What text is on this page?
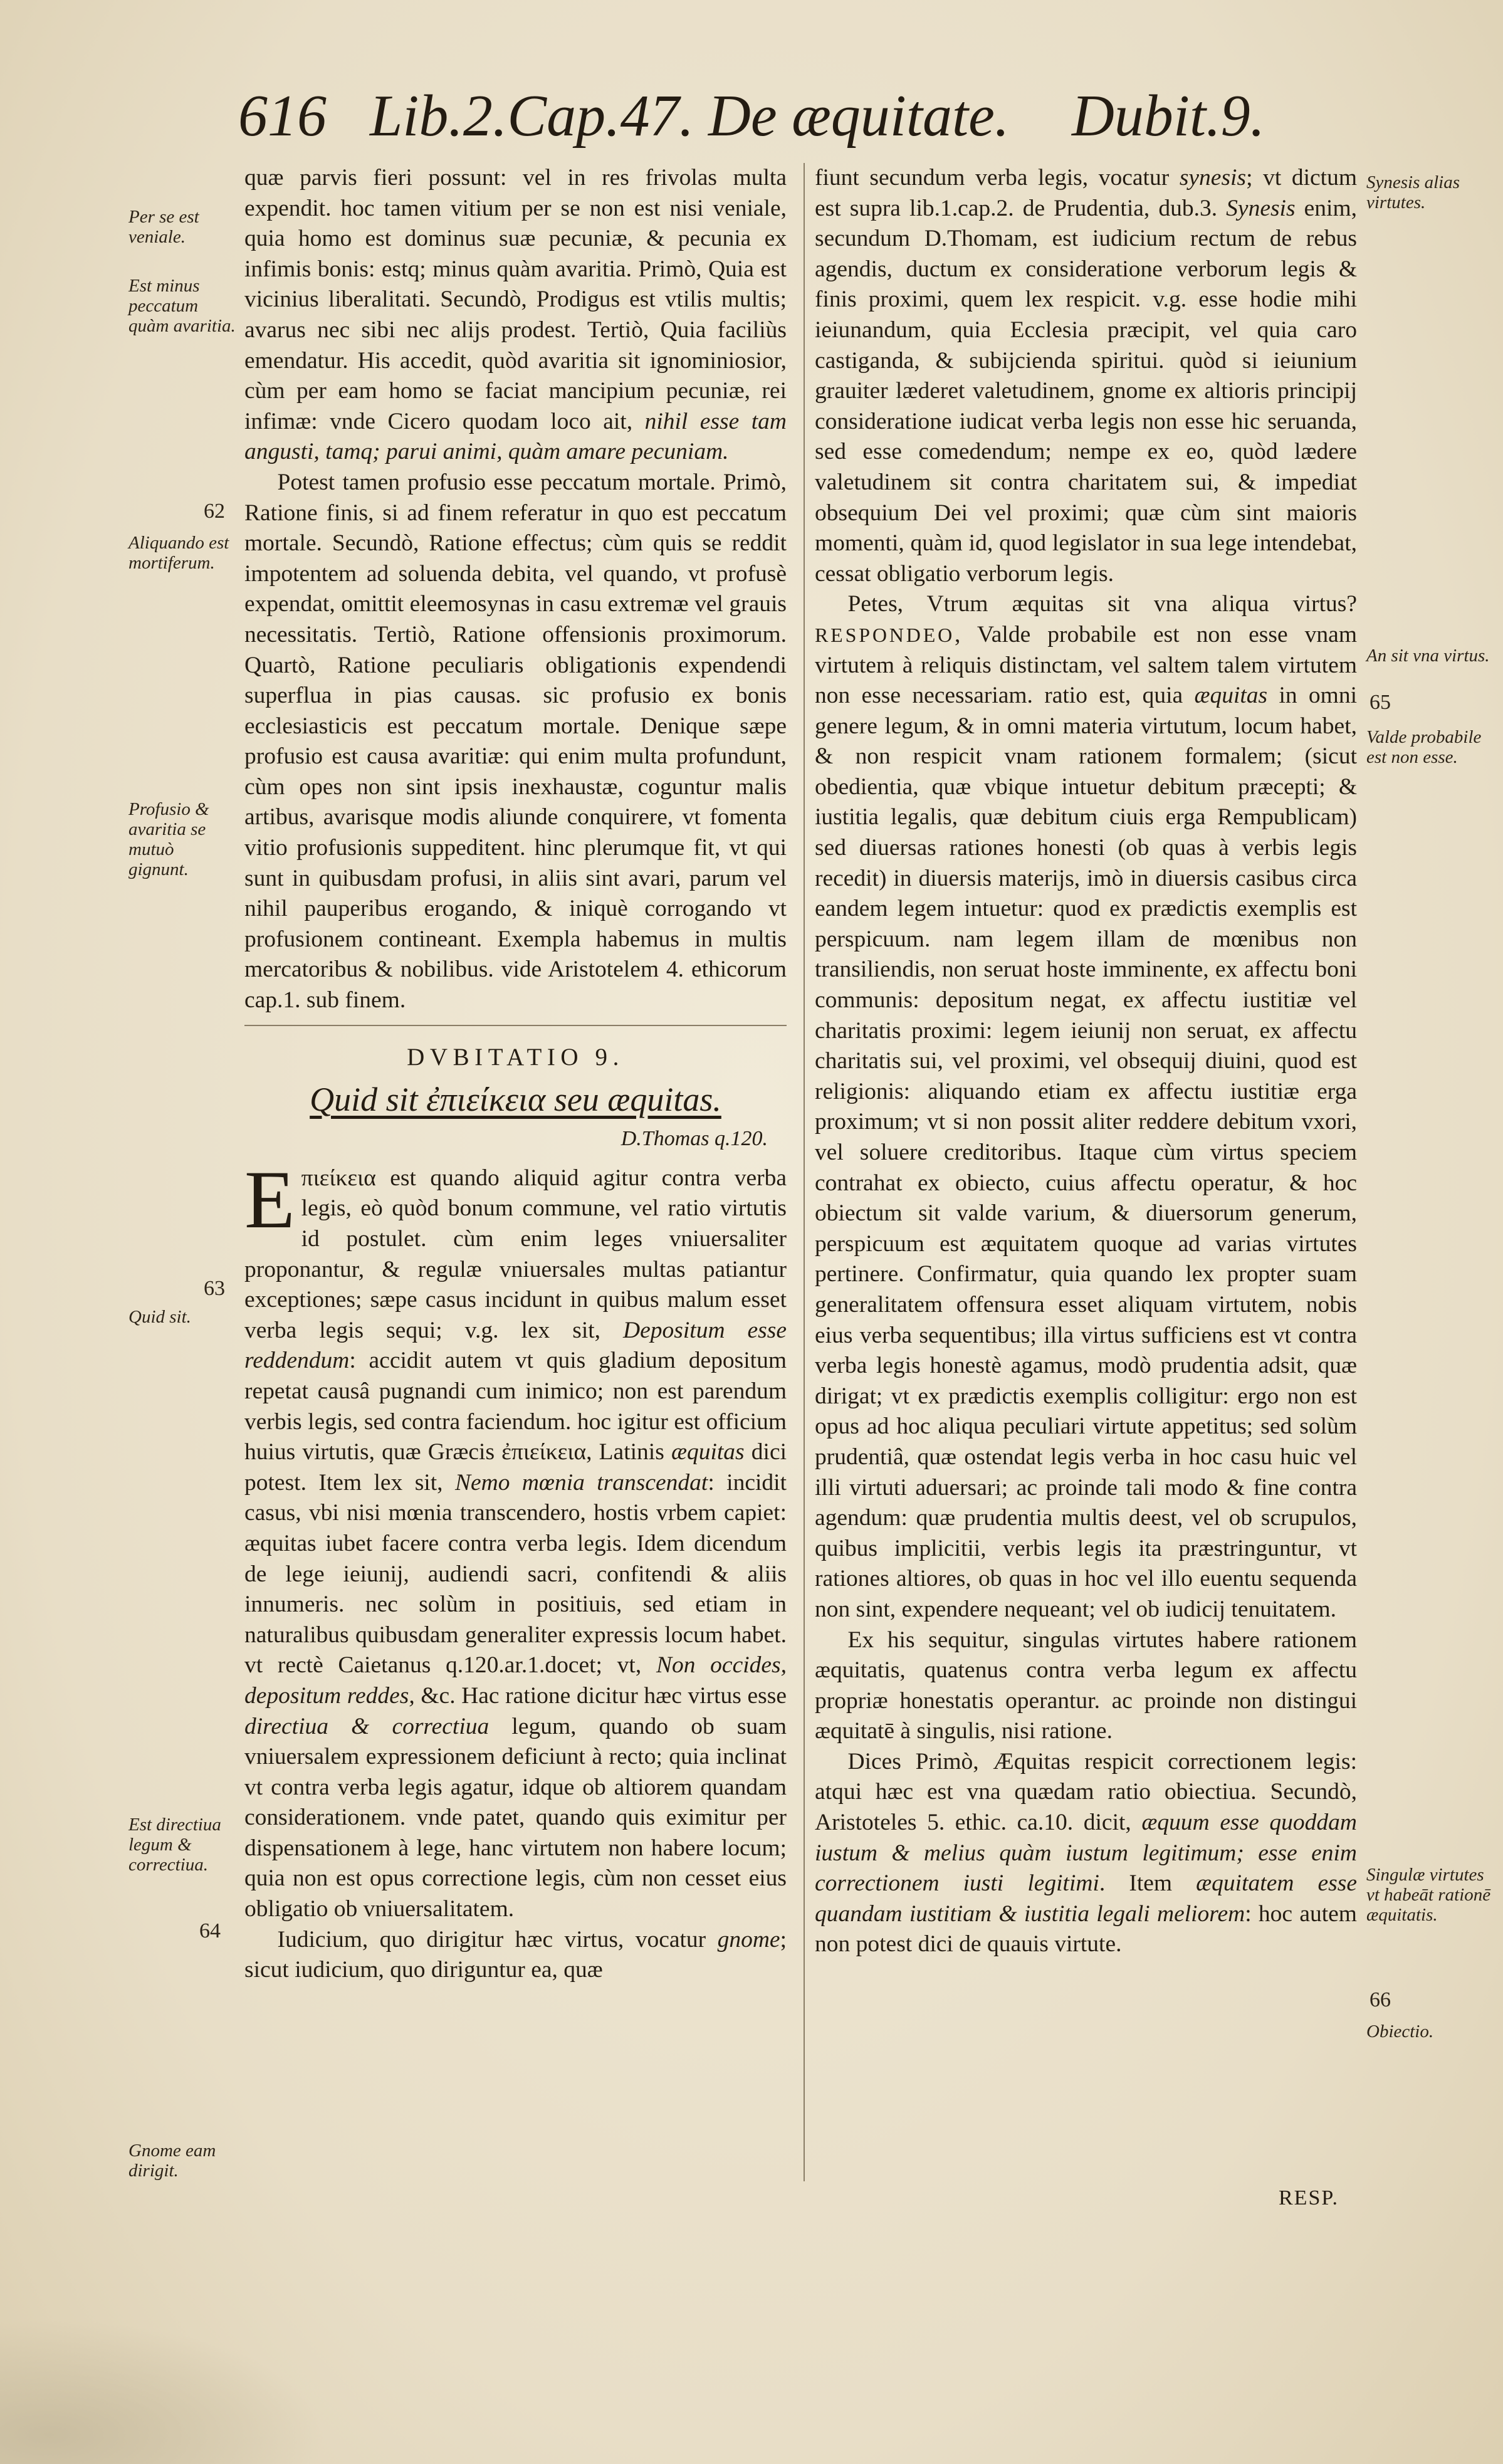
616 Lib.2.Cap.47. De æquitate. Dubit.9.

quæ parvis fieri possunt: vel in res frivolas multa expendit. hoc tamen vitium per se non est nisi veniale, quia homo est dominus suæ pecuniæ, & pecunia ex infimis bonis: estq; minus quàm avaritia. Primò, Quia est vicinius liberalitati. Secundò, Prodigus est vtilis multis; avarus nec sibi nec alijs prodest. Tertiò, Quia faciliùs emendatur. His accedit, quòd avaritia sit ignominiosior, cùm per eam homo se faciat mancipium pecuniæ, rei infimæ: vnde Cicero quodam loco ait, nihil esse tam angusti, tamq; parui animi, quàm amare pecuniam.

Potest tamen profusio esse peccatum mortale. Primò, Ratione finis, si ad finem referatur in quo est peccatum mortale. Secundò, Ratione effectus; cùm quis se reddit impotentem ad soluenda debita, vel quando, vt profusè expendat, omittit eleemosynas in casu extremæ vel grauis necessitatis. Tertiò, Ratione offensionis proximorum. Quartò, Ratione peculiaris obligationis expendendi superflua in pias causas. sic profusio ex bonis ecclesiasticis est peccatum mortale. Denique sæpe profusio est causa avaritiæ: qui enim multa profundunt, cùm opes non sint ipsis inexhaustæ, coguntur malis artibus, avarisque modis aliunde conquirere, vt fomenta vitio profusionis suppeditent. hinc plerumque fit, vt qui sunt in quibusdam profusi, in aliis sint avari, parum vel nihil pauperibus erogando, & iniquè corrogando vt profusionem contineant. Exempla habemus in multis mercatoribus & nobilibus. vide Aristotelem 4. ethicorum cap.1. sub finem.

DVBITATIO 9.
Quid sit ἐπιείκεια seu æquitas.
D.Thomas q.120.

E πιείκεια est quando aliquid agitur contra verba legis, eò quòd bonum commune, vel ratio virtutis id postulet. cùm enim leges vniuersaliter proponantur, & regulæ vniuersales multas patiantur exceptiones; sæpe casus incidunt in quibus malum esset verba legis sequi; v.g. lex sit, Depositum esse reddendum: accidit autem vt quis gladium depositum repetat causâ pugnandi cum inimico; non est parendum verbis legis, sed contra faciendum. hoc igitur est officium huius virtutis, quæ Græcis ἐπιείκεια, Latinis æquitas dici potest. Item lex sit, Nemo mœnia transcendat: incidit casus, vbi nisi mœnia transcendero, hostis vrbem capiet: æquitas iubet facere contra verba legis. Idem dicendum de lege ieiunij, audiendi sacri, confitendi & aliis innumeris. nec solùm in positiuis, sed etiam in naturalibus quibusdam generaliter expressis locum habet. vt rectè Caietanus q.120.ar.1.docet; vt, Non occides, depositum reddes, &c. Hac ratione dicitur hæc virtus esse directiua & correctiua legum, quando ob suam vniuersalem expressionem deficiunt à recto; quia inclinat vt contra verba legis agatur, idque ob altiorem quandam considerationem. vnde patet, quando quis eximitur per dispensationem à lege, hanc virtutem non habere locum; quia non est opus correctione legis, cùm non cesset eius obligatio ob vniuersalitatem.

Iudicium, quo dirigitur hæc virtus, vocatur gnome; sicut iudicium, quo diriguntur ea, quæ

fiunt secundum verba legis, vocatur synesis; vt dictum est supra lib.1.cap.2. de Prudentia, dub.3. Synesis enim, secundum D.Thomam, est iudicium rectum de rebus agendis, ductum ex consideratione verborum legis & finis proximi, quem lex respicit. v.g. esse hodie mihi ieiunandum, quia Ecclesia præcipit, vel quia caro castiganda, & subijcienda spiritui. quòd si ieiunium grauiter læderet valetudinem, gnome ex altioris principij consideratione iudicat verba legis non esse hic seruanda, sed esse comedendum; nempe ex eo, quòd lædere valetudinem sit contra charitatem sui, & impediat obsequium Dei vel proximi; quæ cùm sint maioris momenti, quàm id, quod legislator in sua lege intendebat, cessat obligatio verborum legis.

Petes, Vtrum æquitas sit vna aliqua virtus? RESPONDEO, Valde probabile est non esse vnam virtutem à reliquis distinctam, vel saltem talem virtutem non esse necessariam. ratio est, quia æquitas in omni genere legum, & in omni materia virtutum, locum habet, & non respicit vnam rationem formalem; (sicut obedientia, quæ vbique intuetur debitum præcepti; & iustitia legalis, quæ debitum ciuis erga Rempublicam) sed diuersas rationes honesti (ob quas à verbis legis recedit) in diuersis materijs, imò in diuersis casibus circa eandem legem intuetur: quod ex prædictis exemplis est perspicuum. nam legem illam de mœnibus non transiliendis, non seruat hoste imminente, ex affectu boni communis: depositum negat, ex affectu iustitiæ vel charitatis proximi: legem ieiunij non seruat, ex affectu charitatis sui, vel proximi, vel obsequij diuini, quod est religionis: aliquando etiam ex affectu iustitiæ erga proximum; vt si non possit aliter reddere debitum vxori, vel soluere creditoribus. Itaque cùm virtus speciem contrahat ex obiecto, cuius affectu operatur, & hoc obiectum sit valde varium, & diuersorum generum, perspicuum est æquitatem quoque ad varias virtutes pertinere. Confirmatur, quia quando lex propter suam generalitatem offensura esset aliquam virtutem, nobis eius verba sequentibus; illa virtus sufficiens est vt contra verba legis honestè agamus, modò prudentia adsit, quæ dirigat; vt ex prædictis exemplis colligitur: ergo non est opus ad hoc aliqua peculiari virtute appetitus; sed solùm prudentiâ, quæ ostendat legis verba in hoc casu huic vel illi virtuti aduersari; ac proinde tali modo & fine contra agendum: quæ prudentia multis deest, vel ob scrupulos, quibus implicitii, verbis legis ita præstringuntur, vt rationes altiores, ob quas in hoc vel illo euentu sequenda non sint, expendere nequeant; vel ob iudicij tenuitatem.

Ex his sequitur, singulas virtutes habere rationem æquitatis, quatenus contra verba legum ex affectu propriæ honestatis operantur. ac proinde non distingui æquitatē à singulis, nisi ratione.

Dices Primò, Æquitas respicit correctionem legis: atqui hæc est vna quædam ratio obiectiua. Secundò, Aristoteles 5. ethic. ca.10. dicit, æquum esse quoddam iustum & melius quàm iustum legitimum; esse enim correctionem iusti legitimi. Item æquitatem esse quandam iustitiam & iustitia legali meliorem: hoc autem non potest dici de quauis virtute.

Per se est veniale.
Est minus peccatum quàm avaritia.
62
Aliquando est mortiferum.
Profusio & avaritia se mutuò gignunt.
63
Quid sit.
Est directiua legum & correctiua.
64
Gnome eam dirigit.
Synesis alias virtutes.
An sit vna virtus.
65
Valde probabile est non esse.
Singulæ virtutes vt habeāt rationē æquitatis.
66
Obiectio.
RESP.
